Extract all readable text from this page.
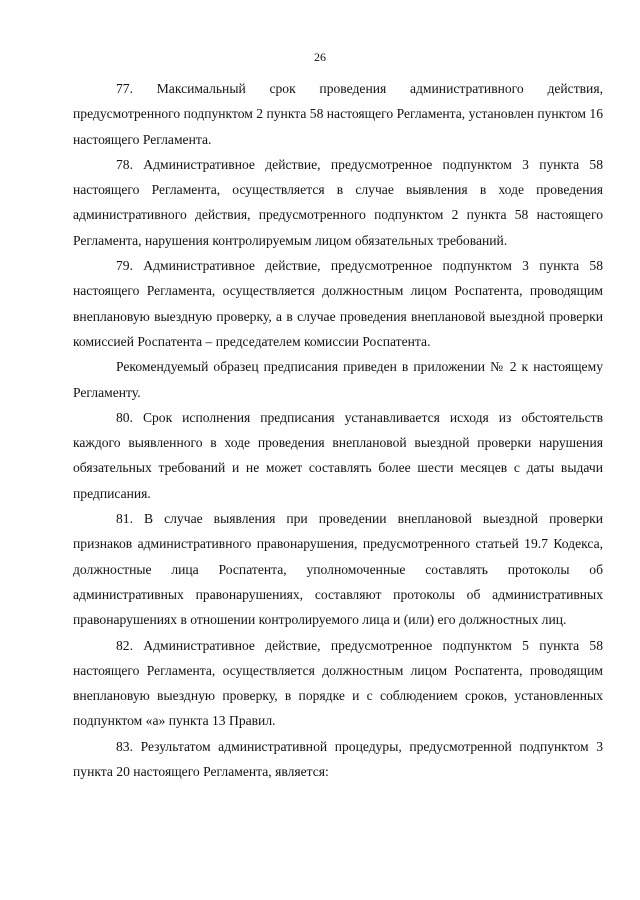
26

77. Максимальный срок проведения административного действия, предусмотренного подпунктом 2 пункта 58 настоящего Регламента, установлен пунктом 16 настоящего Регламента.

78. Административное действие, предусмотренное подпунктом 3 пункта 58 настоящего Регламента, осуществляется в случае выявления в ходе проведения административного действия, предусмотренного подпунктом 2 пункта 58 настоящего Регламента, нарушения контролируемым лицом обязательных требований.

79. Административное действие, предусмотренное подпунктом 3 пункта 58 настоящего Регламента, осуществляется должностным лицом Роспатента, проводящим внеплановую выездную проверку, а в случае проведения внеплановой выездной проверки комиссией Роспатента – председателем комиссии Роспатента.

Рекомендуемый образец предписания приведен в приложении № 2 к настоящему Регламенту.

80. Срок исполнения предписания устанавливается исходя из обстоятельств каждого выявленного в ходе проведения внеплановой выездной проверки нарушения обязательных требований и не может составлять более шести месяцев с даты выдачи предписания.

81. В случае выявления при проведении внеплановой выездной проверки признаков административного правонарушения, предусмотренного статьей 19.7 Кодекса, должностные лица Роспатента, уполномоченные составлять протоколы об административных правонарушениях, составляют протоколы об административных правонарушениях в отношении контролируемого лица и (или) его должностных лиц.

82. Административное действие, предусмотренное подпунктом 5 пункта 58 настоящего Регламента, осуществляется должностным лицом Роспатента, проводящим внеплановую выездную проверку, в порядке и с соблюдением сроков, установленных подпунктом «а» пункта 13 Правил.

83. Результатом административной процедуры, предусмотренной подпунктом 3 пункта 20 настоящего Регламента, является:
